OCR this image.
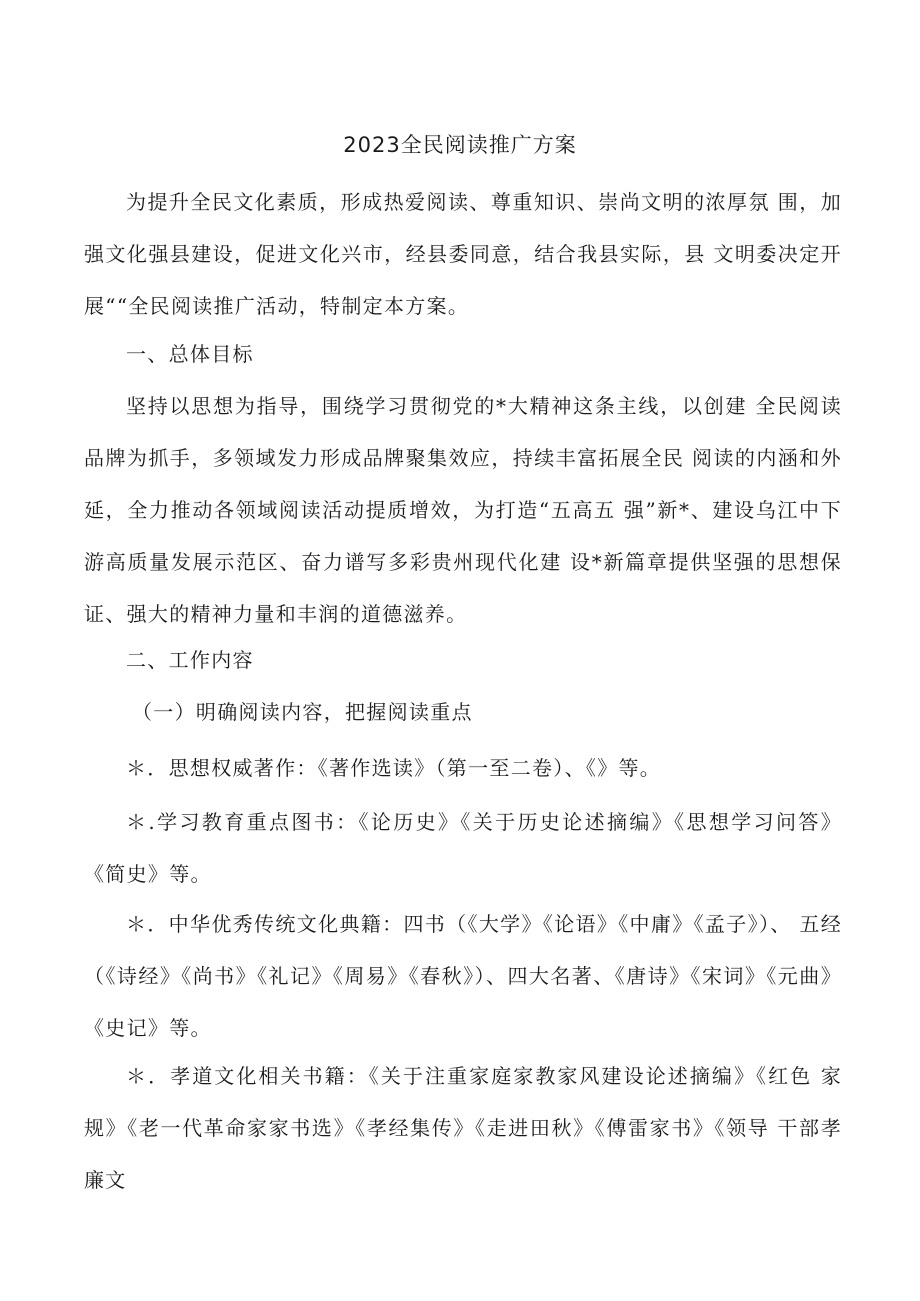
2023全民阅读推广方案
为提升全民文化素质，形成热爱阅读、尊重知识、崇尚文明的浓厚氛 围，加强文化强县建设，促进文化兴市，经县委同意，结合我县实际，县 文明委决定开展““全民阅读推广活动，特制定本方案。
一、总体目标
坚持以思想为指导，围绕学习贯彻党的*大精神这条主线，以创建 全民阅读品牌为抓手，多领域发力形成品牌聚集效应，持续丰富拓展全民 阅读的内涵和外延，全力推动各领域阅读活动提质增效，为打造“五高五 强”新*、建设乌江中下游高质量发展示范区、奋力谱写多彩贵州现代化建 设*新篇章提供坚强的思想保证、强大的精神力量和丰润的道德滋养。
二、工作内容
（一）明确阅读内容，把握阅读重点
＊．思想权威著作：《著作选读》（第一至二卷）、《》等。
＊.学习教育重点图书：《论历史》《关于历史论述摘编》《思想学习问答》 《简史》等。
＊．中华优秀传统文化典籍：四书（《大学》《论语》《中庸》《孟子》）、 五经（《诗经》《尚书》《礼记》《周易》《春秋》）、四大名著、《唐诗》《宋词》《元曲》《史记》等。
＊．孝道文化相关书籍：《关于注重家庭家教家风建设论述摘编》《红色 家规》《老一代革命家家书选》《孝经集传》《走进田秋》《傅雷家书》《领导 干部孝廉文
